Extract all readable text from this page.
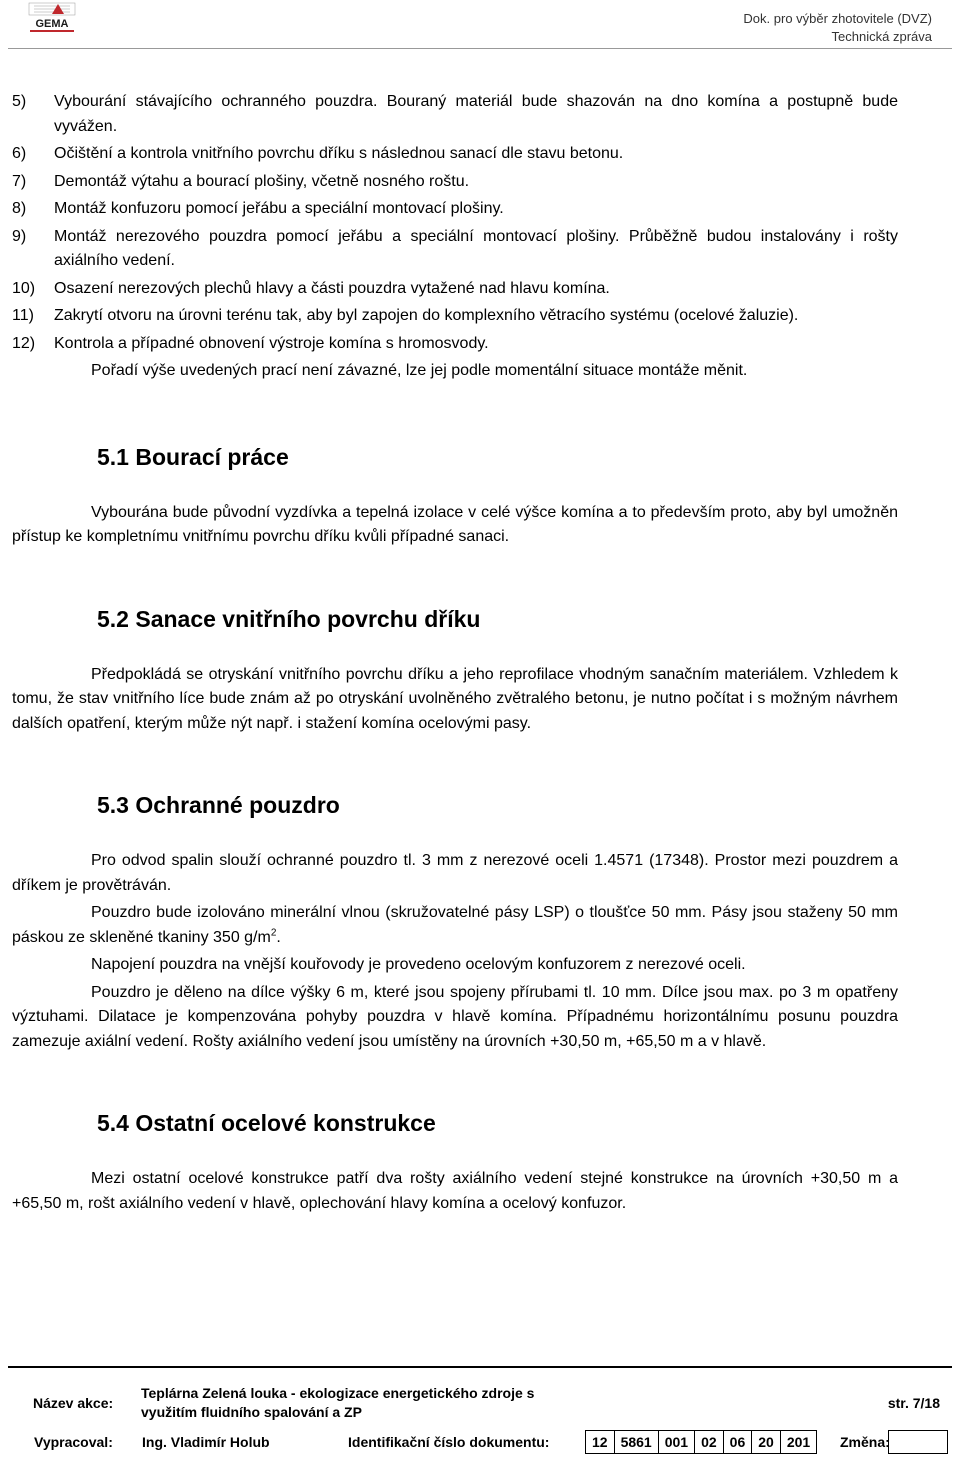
GEMA	Dok. pro výběr zhotovitele (DVZ)
Technická zpráva
5)	Vybourání stávajícího ochranného pouzdra. Bouraný materiál bude shazován na dno komína a postupně bude vyvážen.
6)	Očištění a kontrola vnitřního povrchu dříku s následnou sanací dle stavu betonu.
7)	Demontáž výtahu a bourací plošiny, včetně nosného roštu.
8)	Montáž konfuzoru pomocí jeřábu a speciální montovací plošiny.
9)	Montáž nerezového pouzdra pomocí jeřábu a speciální montovací plošiny. Průběžně budou instalovány i rošty axiálního vedení.
10)	Osazení nerezových plechů hlavy a části pouzdra vytažené nad hlavu komína.
11)	Zakrytí otvoru na úrovni terénu tak, aby byl zapojen do komplexního větracího systému (ocelové žaluzie).
12)	Kontrola a případné obnovení výstroje komína s hromosvody.

Pořadí výše uvedených prací není závazné, lze jej podle momentální situace montáže měnit.

5.1 Bourací práce

Vybourána bude původní vyzdívka a tepelná izolace v celé výšce komína a to především proto, aby byl umožněn přístup ke kompletnímu vnitřnímu povrchu dříku kvůli případné sanaci.

5.2 Sanace vnitřního povrchu dříku

Předpokládá se otryskání vnitřního povrchu dříku a jeho reprofilace vhodným sanačním materiálem. Vzhledem k tomu, že stav vnitřního líce bude znám až po otryskání uvolněného zvětralého betonu, je nutno počítat i s možným návrhem dalších opatření, kterým může nýt např. i stažení komína ocelovými pasy.

5.3 Ochranné pouzdro

Pro odvod spalin slouží ochranné pouzdro tl. 3 mm z nerezové oceli 1.4571 (17348). Prostor mezi pouzdrem a dříkem je provětráván.

Pouzdro bude izolováno minerální vlnou (skružovatelné pásy LSP) o tloušťce 50 mm. Pásy jsou staženy 50 mm páskou ze skleněné tkaniny 350 $g/m^2$.

Napojení pouzdra na vnější kouřovody je provedeno ocelovým konfuzorem z nerezové oceli.

Pouzdro je děleno na dílce výšky 6 m, které jsou spojeny přírubami tl. 10 mm. Dílce jsou max. po 3 m opatřeny výztuhami. Dilatace je kompenzována pohyby pouzdra v hlavě komína. Případnému horizontálnímu posunu pouzdra zamezuje axiální vedení. Rošty axiálního vedení jsou umístěny na úrovních +30,50 m, +65,50 m a v hlavě.

5.4 Ostatní ocelové konstrukce

Mezi ostatní ocelové konstrukce patří dva rošty axiálního vedení stejné konstrukce na úrovních +30,50 m a +65,50 m, rošt axiálního vedení v hlavě, oplechování hlavy komína a ocelový konfuzor.

Název akce:
Teplárna Zelená louka - ekologizace energetického zdroje s
využitím fluidního spalování a ZP
str. 7/18
Vypracoval: Ing. Vladimír Holub	Identifikační číslo dokumentu:	12 5861 001 02 06 20 201	Změna:
